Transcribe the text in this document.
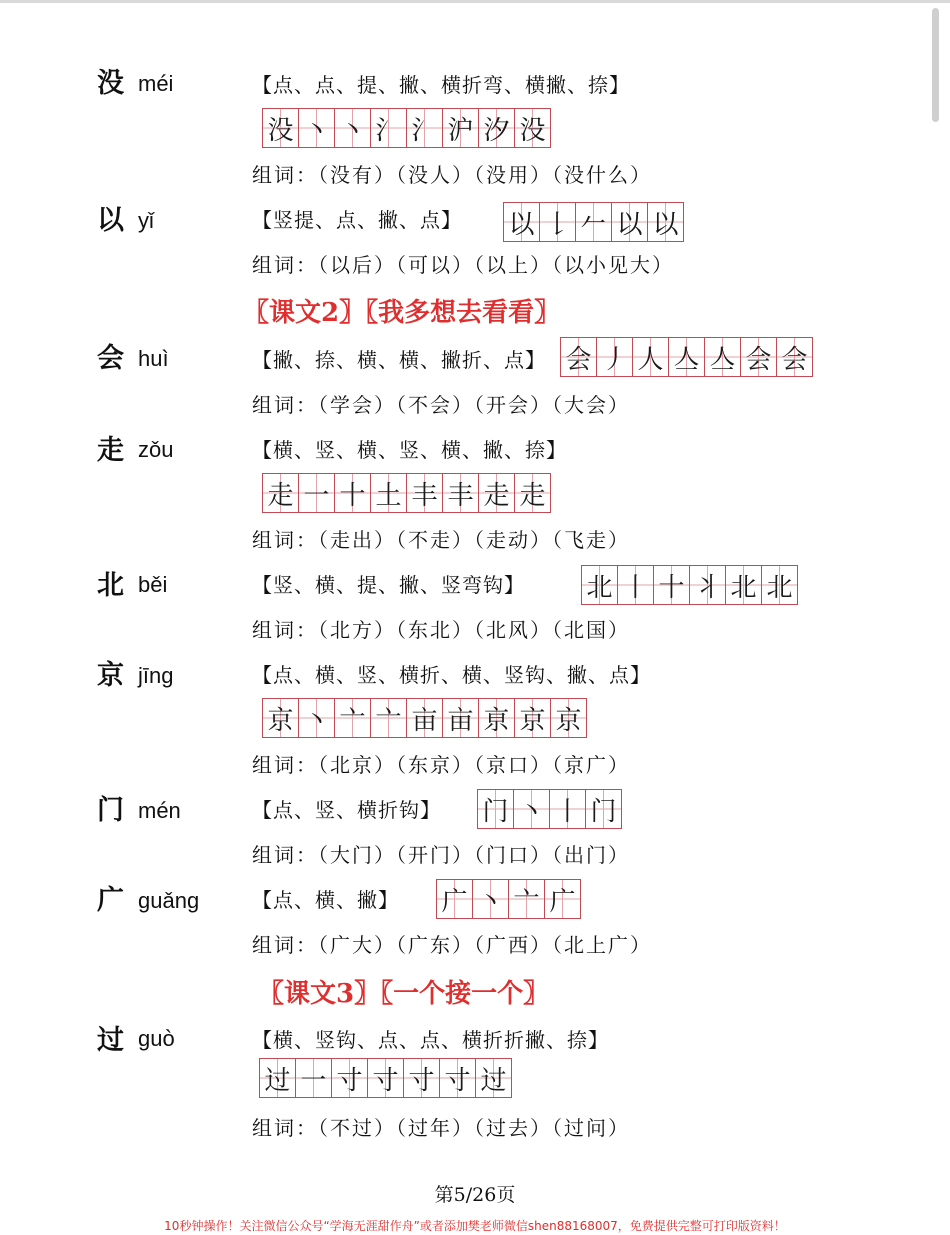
没 méi	【点、点、提、撇、横折弯、横撇、捺】
没 丶 丶 氵 氵 沪 汐 没
组词：（没有）（没人）（没用）（没什么）
以 yǐ	【竖提、点、撇、点】 以 𠄌 𠂉 以 以
组词：（以后）（可以）（以上）（以小见大）
〖课文2〗〖我多想去看看〗
会 huì	【撇、捺、横、横、撇折、点】 会 丿 人 亼 亼 会 会
组词：（学会）（不会）（开会）（大会）
走 zǒu	【横、竖、横、竖、横、撇、捺】
走 一 十 土 丰 丰 走 走
组词：（走出）（不走）（走动）（飞走）
北 běi	【竖、横、提、撇、竖弯钩】 北 丨 十 丬 北 北
组词：（北方）（东北）（北风）（北国）
京 jīng	【点、横、竖、横折、横、竖钩、撇、点】
京 丶 亠 亠 亩 亩 亰 京 京
组词：（北京）（东京）（京口）（京广）
门 mén	【点、竖、横折钩】 门 丶 丨 门
组词：（大门）（开门）（门口）（出门）
广 guǎng	【点、横、撇】 广 丶 亠 广
组词：（广大）（广东）（广西）（北上广）
〖课文3〗〖一个接一个〗
过 guò	【横、竖钩、点、点、横折折撇、捺】
过 一 寸 寸 寸 寸 过
组词：（不过）（过年）（过去）（过问）
第5/26页
10秒钟操作！关注微信公众号“学海无涯甜作舟”或者添加樊老师微信shen88168007，免费提供完整可打印版资料！
